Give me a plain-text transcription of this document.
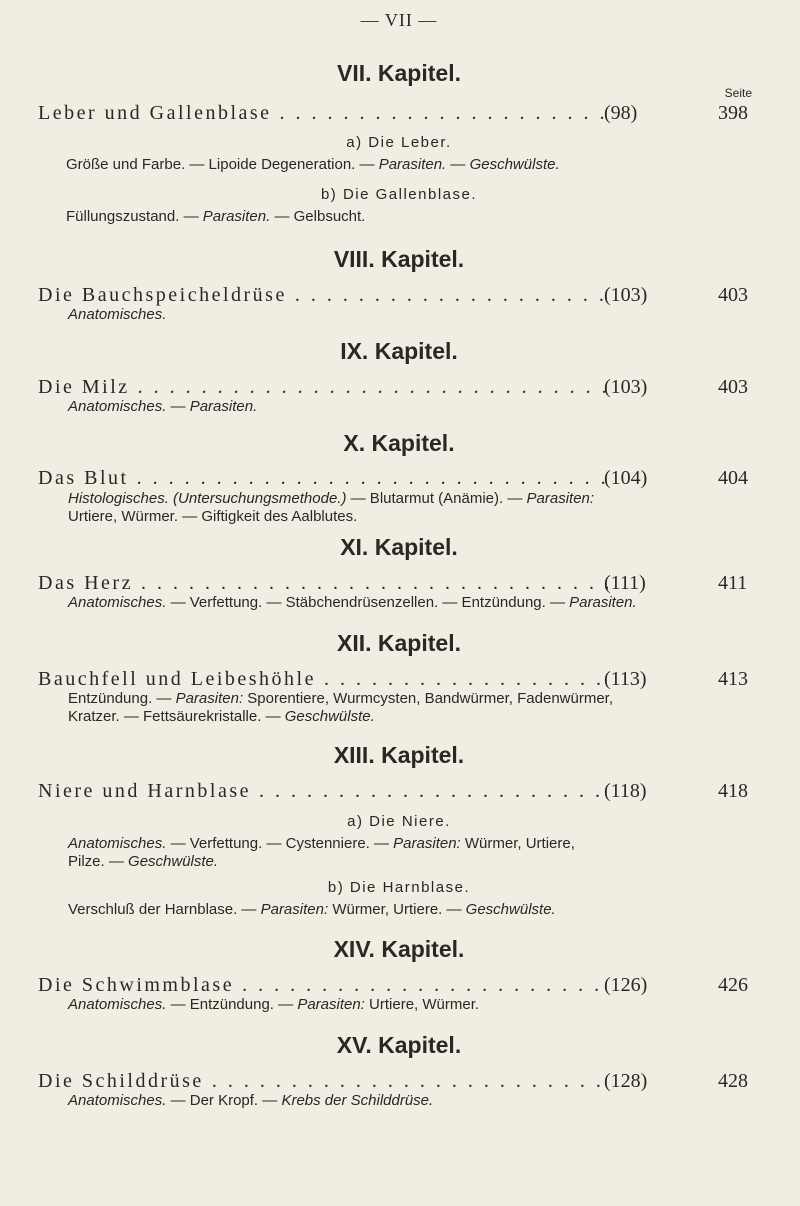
— VII —
VII. Kapitel.
Seite
Leber und Gallenblase . . .	(98)	398
a) Die Leber.
Größe und Farbe. — Lipoide Degeneration. — Parasiten. — Geschwülste.
b) Die Gallenblase.
Füllungszustand. — Parasiten. — Gelbsucht.
VIII. Kapitel.
Die Bauchspeicheldrüse . . .	(103)	403
Anatomisches.
IX. Kapitel.
Die Milz . . .	(103)	403
Anatomisches. — Parasiten.
X. Kapitel.
Das Blut . . .	(104)	404
Histologisches. (Untersuchungsmethode.) — Blutarmut (Anämie). — Parasiten:
Urtiere, Würmer. — Giftigkeit des Aalblutes.
XI. Kapitel.
Das Herz . . .	(111)	411
Anatomisches. — Verfettung. — Stäbchendrüsenzellen. — Entzündung. — Parasiten.
XII. Kapitel.
Bauchfell und Leibeshöhle . . .	(113)	413
Entzündung. — Parasiten: Sporentiere, Wurmcysten, Bandwürmer, Fadenwürmer,
Kratzer. — Fettsäurekristalle. — Geschwülste.
XIII. Kapitel.
Niere und Harnblase . . .	(118)	418
a) Die Niere.
Anatomisches. — Verfettung. — Cystenniere. — Parasiten: Würmer, Urtiere,
Pilze. — Geschwülste.
b) Die Harnblase.
Verschluß der Harnblase. — Parasiten: Würmer, Urtiere. — Geschwülste.
XIV. Kapitel.
Die Schwimmblase . . .	(126)	426
Anatomisches. — Entzündung. — Parasiten: Urtiere, Würmer.
XV. Kapitel.
Die Schilddrüse . . .	(128)	428
Anatomisches. — Der Kropf. — Krebs der Schilddrüse.
